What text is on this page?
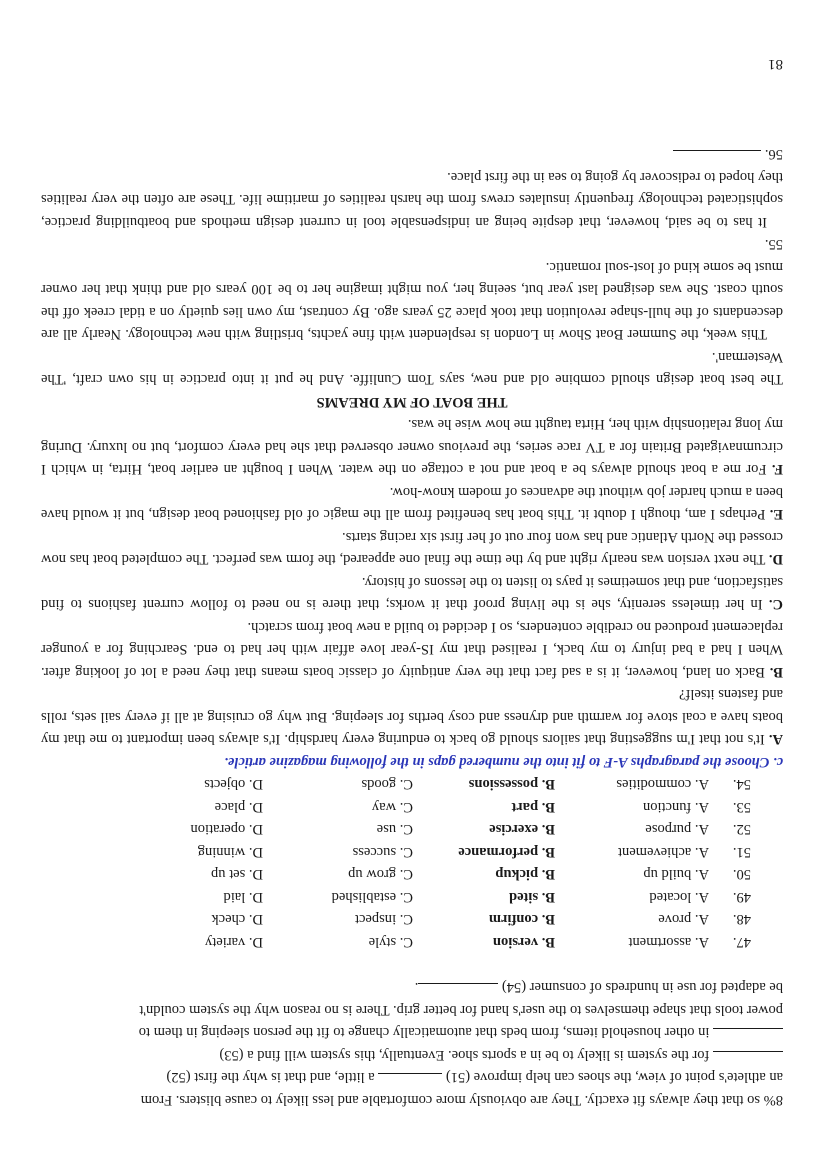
8% so that they always fit exactly. They are obviously more comfortable and less likely to cause blisters. From

an athlete's point of view, the shoes can help improve (51)  a little, and that is why the first (52)

for the system is likely to be in a sports shoe. Eventually, this system will find a (53)

in other household items, from beds that automatically change to fit the person sleeping in them to

power tools that shape themselves to the user's hand for better grip. There is no reason why the system couldn't

be adapted for use in hundreds of consumer (54) .

47.
A. assortment
B. version
C. style
D. variety
48.
A. prove
B. confirm
C. inspect
D. check
49.
A. located
B. sited
C. established
D. laid
50.
A. build up
B. pickup
C. grow up
D. set up
51.
A. achievement
B. performance
C. success
D. winning
52.
A. purpose
B. exercise
C. use
D. operation
53.
A. function
B. part
C. way
D. place
54.
A. commodities
B. possessions
C. goods
D. objects

c. Choose the paragraphs A-F to fit into the numbered gaps in the following magazine article.

A. It's not that I'm suggesting that sailors should go back to enduring every hardship. It's always been important to me that my boats have a coal stove for warmth and dryness and cosy berths for sleeping. But why go cruising at all if every sail sets, rolls and fastens itself?

B. Back on land, however, it is a sad fact that the very antiquity of classic boats means that they need a lot of looking after. When I had a bad injury to my back, I realised that my IS-year love affair with her had to end. Searching for a younger replacement produced no credible contenders, so I decided to build a new boat from scratch.

C. In her timeless serenity, she is the living proof that it works; that there is no need to follow current fashions to find satisfaction, and that sometimes it pays to listen to the lessons of history.

D. The next version was nearly right and by the time the final one appeared, the form was perfect. The completed boat has now crossed the North Atlantic and has won four out of her first six racing starts.

E. Perhaps I am, though I doubt it. This boat has benefited from all the magic of old fashioned boat design, but it would have been a much harder job without the advances of modem know-how.

F. For me a boat should always be a boat and not a cottage on the water. When I bought an earlier boat, Hirta, in which I circumnavigated Britain for a TV race series, the previous owner observed that she had every comfort, but no luxury. During my long relationship with her, Hirta taught me how wise he was.

THE BOAT OF MY DREAMS

The best boat design should combine old and new, says Tom Cunliffe. And he put it into practice in his own craft, 'The Westerman'.

This week, the Summer Boat Show in London is resplendent with fine yachts, bristling with new technology. Nearly all are descendants of the hull-shape revolution that took place 25 years ago. By contrast, my own lies quietly on a tidal creek off the south coast. She was designed last year but, seeing her, you might imagine her to be 100 years old and think that her owner must be some kind of lost-soul romantic.

55.

It has to be said, however, that despite being an indispensable tool in current design methods and boatbuilding practice, sophisticated technology frequently insulates crews from the harsh realities of maritime life. These are often the very realities they hoped to rediscover by going to sea in the first place.

56.

81
